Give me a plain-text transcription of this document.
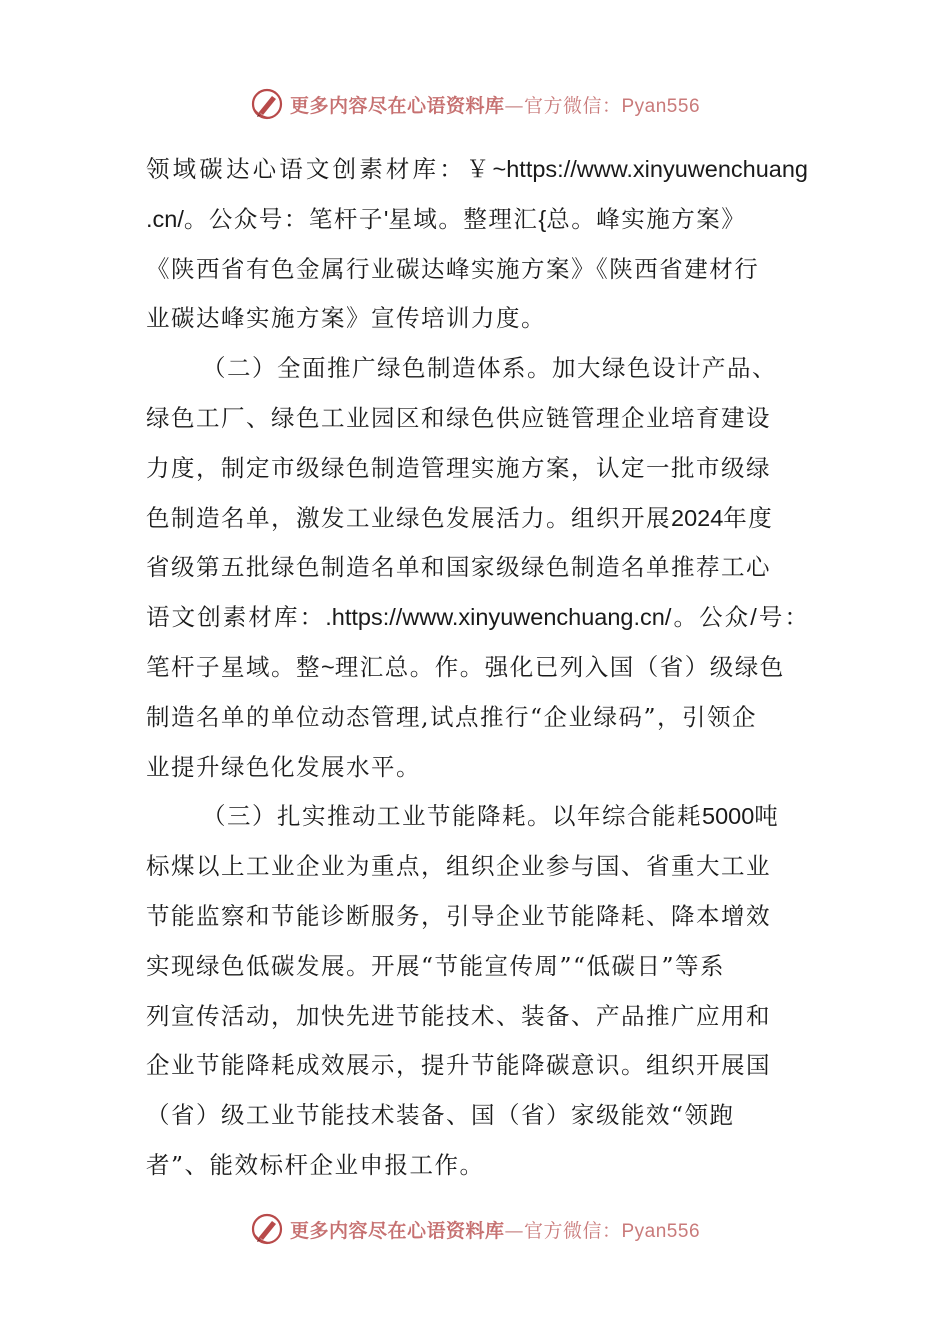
更多内容尽在心语资料库—官方微信：Pyan556
领域碳达心语文创素材库：￥~https://www.xinyuwenchuang
.cn/。公众号：笔杆子'星域。整理汇{总。峰实施方案》
《陕西省有色金属行业碳达峰实施方案》《陕西省建材行
业碳达峰实施方案》宣传培训力度。
（二）全面推广绿色制造体系。加大绿色设计产品、
绿色工厂、绿色工业园区和绿色供应链管理企业培育建设
力度，制定市级绿色制造管理实施方案，认定一批市级绿
色制造名单，激发工业绿色发展活力。组织开展2024年度
省级第五批绿色制造名单和国家级绿色制造名单推荐工心
语文创素材库：.https://www.xinyuwenchuang.cn/。公众/号：
笔杆子星域。整~理汇总。作。强化已列入国（省）级绿色
制造名单的单位动态管理,试点推行“企业绿码”，引领企
业提升绿色化发展水平。
（三）扎实推动工业节能降耗。以年综合能耗5000吨
标煤以上工业企业为重点，组织企业参与国、省重大工业
节能监察和节能诊断服务，引导企业节能降耗、降本增效
实现绿色低碳发展。开展“节能宣传周”“低碳日”等系
列宣传活动，加快先进节能技术、装备、产品推广应用和
企业节能降耗成效展示，提升节能降碳意识。组织开展国
（省）级工业节能技术装备、国（省）家级能效“领跑
者”、能效标杆企业申报工作。
更多内容尽在心语资料库—官方微信：Pyan556
